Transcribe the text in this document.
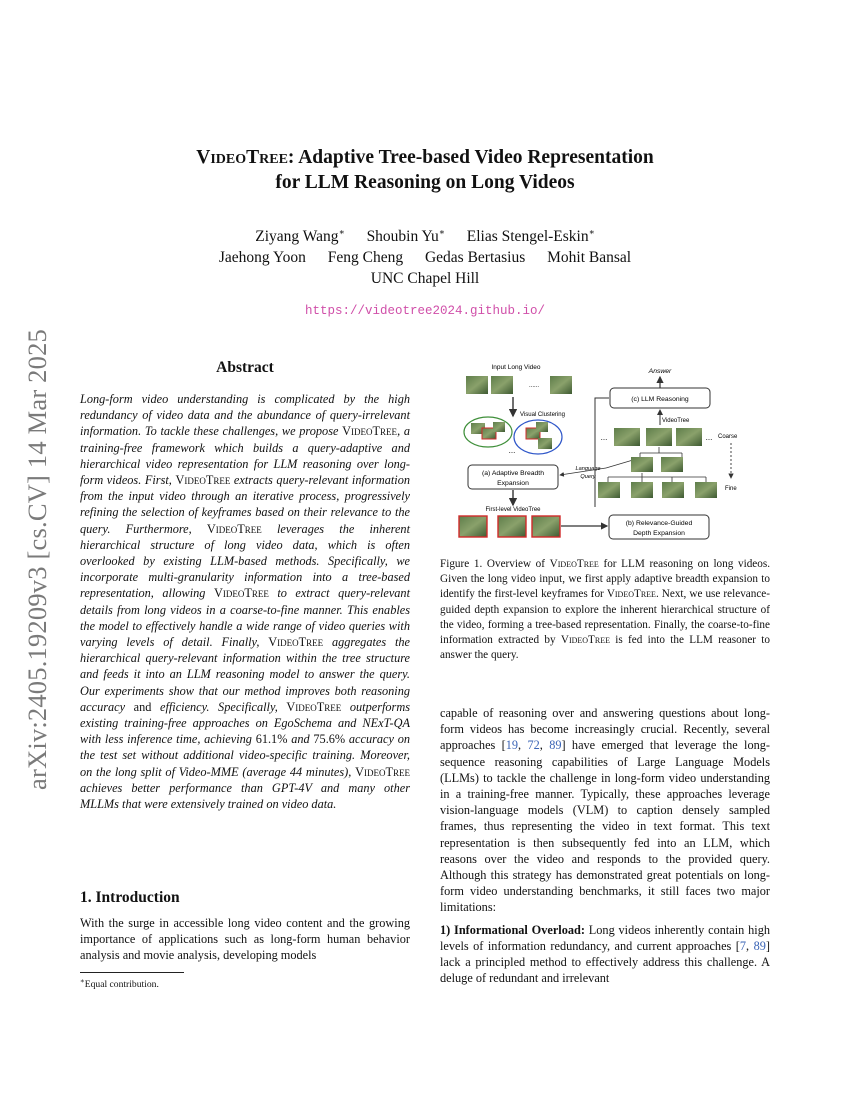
arXiv:2405.19209v3 [cs.CV] 14 Mar 2025
VideoTree: Adaptive Tree-based Video Representation
for LLM Reasoning on Long Videos
Ziyang Wang∗ Shoubin Yu∗ Elias Stengel-Eskin∗
Jaehong Yoon Feng Cheng Gedas Bertasius Mohit Bansal
UNC Chapel Hill
https://videotree2024.github.io/
Abstract
Long-form video understanding is complicated by the high redundancy of video data and the abundance of query-irrelevant information. To tackle these challenges, we propose VideoTree, a training-free framework which builds a query-adaptive and hierarchical video representation for LLM reasoning over long-form videos. First, VideoTree extracts query-relevant information from the input video through an iterative process, progressively refining the selection of keyframes based on their relevance to the query. Furthermore, VideoTree leverages the inherent hierarchical structure of long video data, which is often overlooked by existing LLM-based methods. Specifically, we incorporate multi-granularity information into a tree-based representation, allowing VideoTree to extract query-relevant details from long videos in a coarse-to-fine manner. This enables the model to effectively handle a wide range of video queries with varying levels of detail. Finally, VideoTree aggregates the hierarchical query-relevant information within the tree structure and feeds it into an LLM reasoning model to answer the query. Our experiments show that our method improves both reasoning accuracy and efficiency. Specifically, VideoTree outperforms existing training-free approaches on EgoSchema and NExT-QA with less inference time, achieving 61.1% and 75.6% accuracy on the test set without additional video-specific training. Moreover, on the long split of Video-MME (average 44 minutes), VideoTree achieves better performance than GPT-4V and many other MLLMs that were extensively trained on video data.
1. Introduction
With the surge in accessible long video content and the growing importance of applications such as long-form human behavior analysis and movie analysis, developing models
∗Equal contribution.
Input Long Video
......
Visual Clustering
...
(a) Adaptive Breadth
Expansion
First-level VideoTree
Language
Query
Answer
(c) LLM Reasoning
VideoTree
...	... Coarse
Fine
(b) Relevance-Guided
Depth Expansion
Figure 1. Overview of VideoTree for LLM reasoning on long videos. Given the long video input, we first apply adaptive breadth expansion to identify the first-level keyframes for VideoTree. Next, we use relevance-guided depth expansion to explore the inherent hierarchical structure of the video, forming a tree-based representation. Finally, the coarse-to-fine information extracted by VideoTree is fed into the LLM reasoner to answer the query.

capable of reasoning over and answering questions about long-form videos has become increasingly crucial. Recently, several approaches [19, 72, 89] have emerged that leverage the long-sequence reasoning capabilities of Large Language Models (LLMs) to tackle the challenge in long-form video understanding in a training-free manner. Typically, these approaches leverage vision-language models (VLM) to caption densely sampled frames, thus representing the video in text format. This text representation is then subsequently fed into an LLM, which reasons over the video and responds to the provided query. Although this strategy has demonstrated great potentials on long-form video understanding benchmarks, it still faces two major limitations:

1) Informational Overload: Long videos inherently contain high levels of information redundancy, and current approaches [7, 89] lack a principled method to effectively address this challenge. A deluge of redundant and irrelevant
